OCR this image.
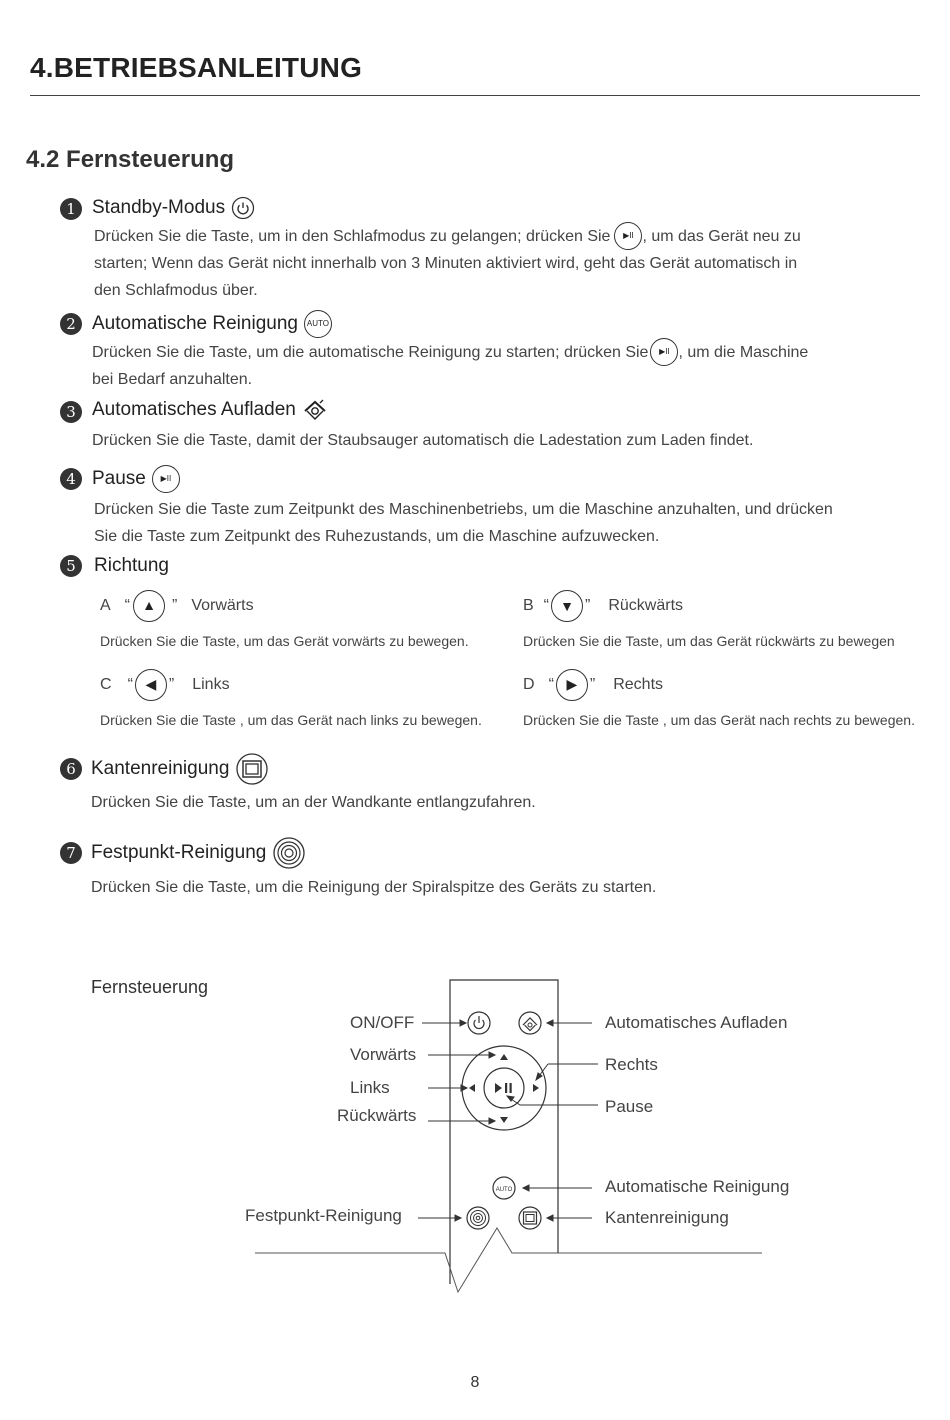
4.BETRIEBSANLEITUNG
4.2 Fernsteuerung
1 Standby-Modus
Drücken Sie die Taste, um in den Schlafmodus zu gelangen; drücken Sie	▶II , um das Gerät neu zu
starten; Wenn das Gerät nicht innerhalb von 3 Minuten aktiviert wird, geht das Gerät automatisch in
den Schlafmodus über.
2 Automatische Reinigung	AUTO
Drücken Sie die Taste, um die automatische Reinigung zu starten; drücken Sie	▶II , um die Maschine
bei Bedarf anzuhalten.
3 Automatisches Aufladen
Drücken Sie die Taste, damit der Staubsauger automatisch die Ladestation zum Laden findet.
4 Pause	▶II
Drücken Sie die Taste zum Zeitpunkt des Maschinenbetriebs, um die Maschine anzuhalten, und drücken
Sie die Taste zum Zeitpunkt des Ruhezustands, um die Maschine aufzuwecken.
5 Richtung
A “ ▲	” Vorwärts
Drücken Sie die Taste, um das Gerät vorwärts zu bewegen.
B “ ▼ ” Rückwärts
Drücken Sie die Taste, um das Gerät rückwärts zu bewegen
C “ ◀ ” Links
Drücken Sie die Taste , um das Gerät nach links zu bewegen.
D “ ▶ ” Rechts
Drücken Sie die Taste , um das Gerät nach rechts zu bewegen.
6 Kantenreinigung
Drücken Sie die Taste, um an der Wandkante entlangzufahren.
7 Festpunkt-Reinigung
Drücken Sie die Taste, um die Reinigung der Spiralspitze des Geräts zu starten.
Fernsteuerung
AUTO
ON/OFF
Vorwärts
Links
Rückwärts
Festpunkt-Reinigung
Automatisches Aufladen
Rechts
Pause
Automatische Reinigung
Kantenreinigung
8
